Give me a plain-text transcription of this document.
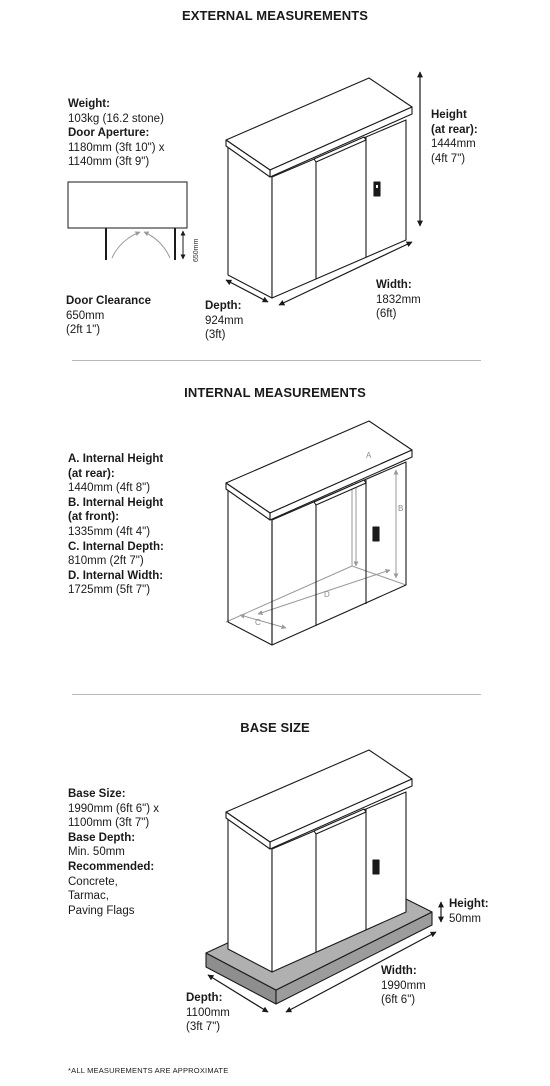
EXTERNAL MEASUREMENTS
Weight:
103kg (16.2 stone)
Door Aperture:
1180mm (3ft 10") x
1140mm (3ft 9")
Door Clearance
650mm
(2ft 1")
Height
(at rear):
1444mm
(4ft 7")
Width:
1832mm
(6ft)
Depth:
924mm
(3ft)
650mm
A
B
C
D
INTERNAL MEASUREMENTS
A. Internal Height
(at rear):
1440mm (4ft 8")
B. Internal Height
(at front):
1335mm (4ft 4")
C. Internal Depth:
810mm (2ft 7")
D. Internal Width:
1725mm (5ft 7")
BASE SIZE
Base Size:
1990mm (6ft 6") x
1100mm (3ft 7")
Base Depth:
Min. 50mm
Recommended:
Concrete,
Tarmac,
Paving Flags
Height:
50mm
Width:
1990mm
(6ft 6")
Depth:
1100mm
(3ft 7")
*ALL MEASUREMENTS ARE APPROXIMATE
